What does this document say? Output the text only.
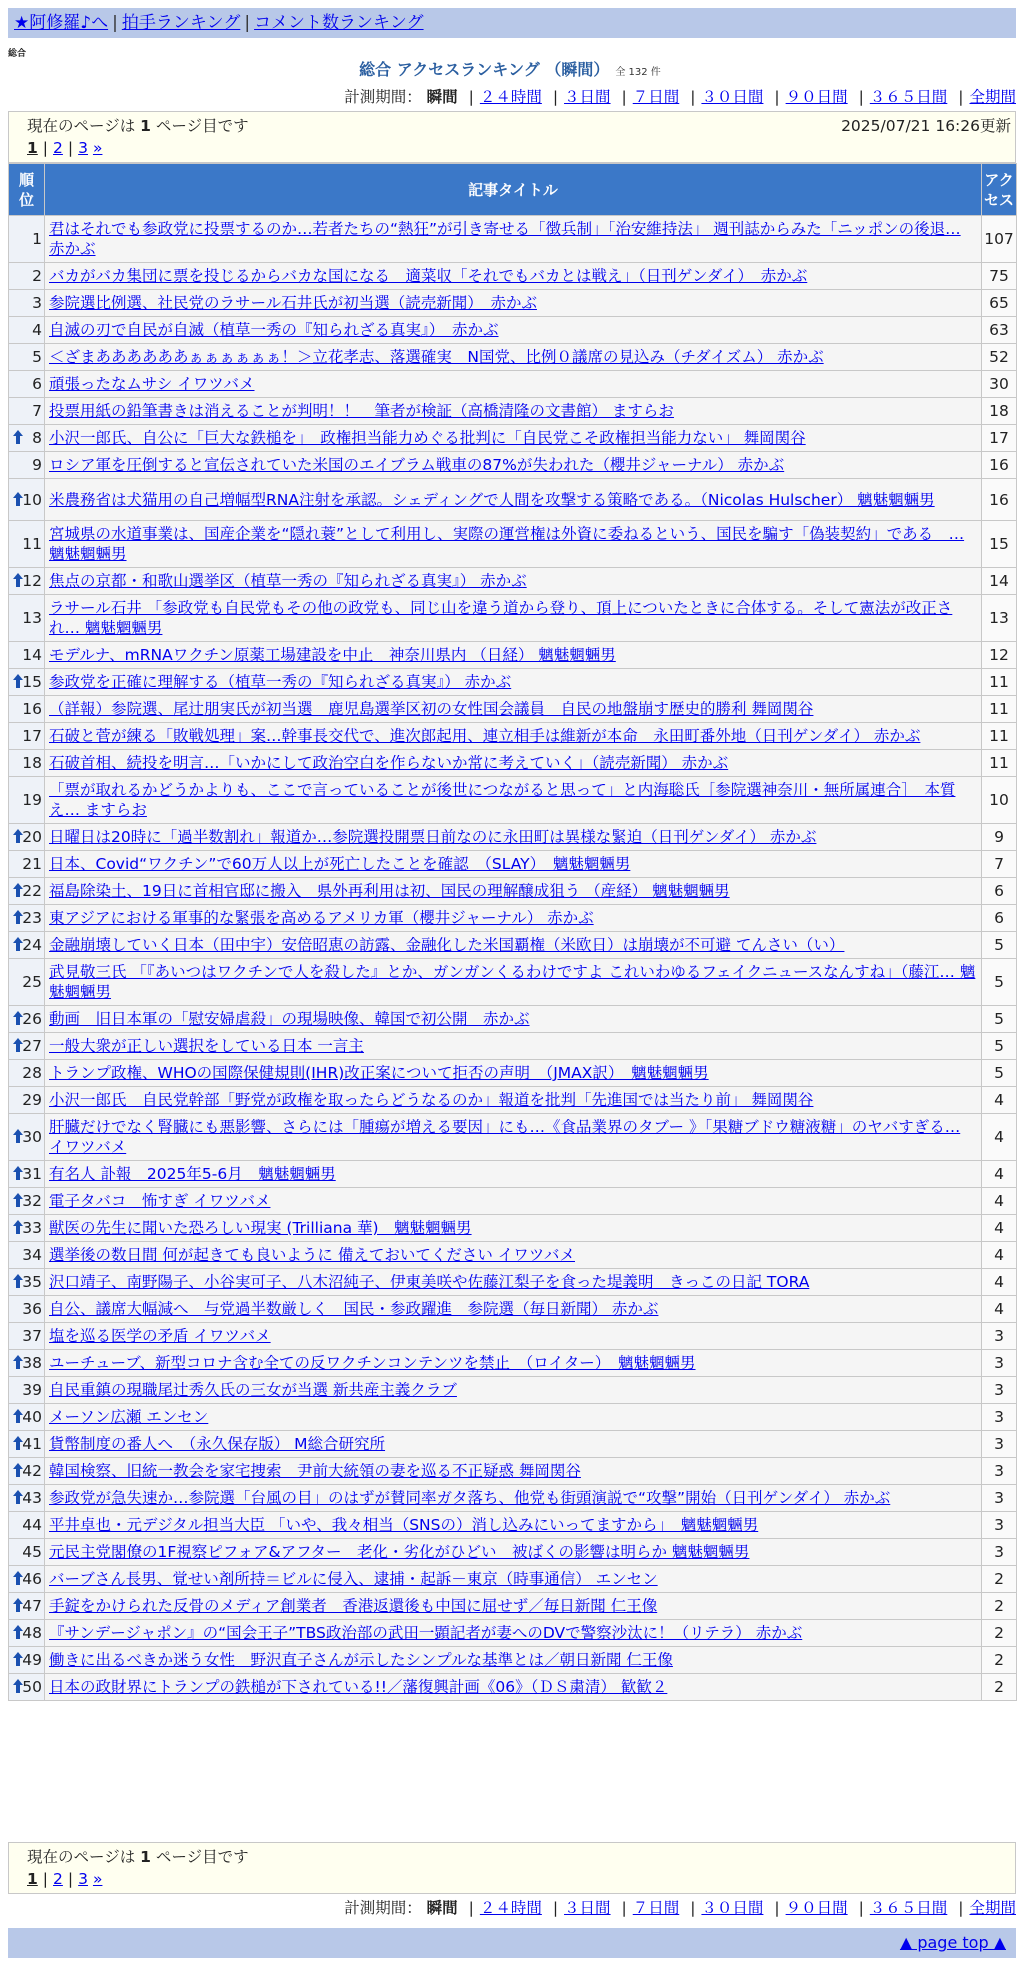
★阿修羅♪へ | 拍手ランキング | コメント数ランキング
総合
総合 アクセスランキング （瞬間） 全 132 件
計測期間： 瞬間 | ２４時間 | ３日間 | ７日間 | ３０日間 | ９０日間 | ３６５日間 | 全期間
現在のページは 1 ページ目です	2025/07/21 16:26更新
1 | 2 | 3 »
順位	記事タイトル	アクセス
1	君はそれでも参政党に投票するのか…若者たちの“熱狂”が引き寄せる「徴兵制」「治安維持法」 週刊誌からみた「ニッポンの後退… 赤かぶ	107
2	バカがバカ集団に票を投じるからバカな国になる　適菜収「それでもバカとは戦え」（日刊ゲンダイ）　赤かぶ	75
3	参院選比例選、社民党のラサール石井氏が初当選（読売新聞）　赤かぶ	65
4	自滅の刃で自民が自滅（植草一秀の『知られざる真実』）　赤かぶ	63
5	＜ざまああああああぁぁぁぁぁぁ！＞立花孝志、落選確実　N国党、比例０議席の見込み（チダイズム） 赤かぶ	52
6	頑張ったなムサシ イワツバメ	30
7	投票用紙の鉛筆書きは消えることが判明！！　筆者が検証（高橋清隆の文書館） ますらお	18

8	小沢一郎氏、自公に「巨大な鉄槌を」　政権担当能力めぐる批判に「自民党こそ政権担当能力ない」 舞岡関谷	17
9	ロシア軍を圧倒すると宣伝されていた米国のエイブラム戦車の87%が失われた（櫻井ジャーナル） 赤かぶ	16

10	米農務省は犬猫用の自己増幅型RNA注射を承認。シェディングで人間を攻撃する策略である。（Nicolas Hulscher） 魑魅魍魎男	16
11	宮城県の水道事業は、国産企業を“隠れ蓑”として利用し、実際の運営権は外資に委ねるという、国民を騙す「偽装契約」である　… 魑魅魍魎男	15

12	焦点の京都・和歌山選挙区（植草一秀の『知られざる真実』） 赤かぶ	14
13	ラサール石井 「参政党も自民党もその他の政党も、同じ山を違う道から登り、頂上についたときに合体する。そして憲法が改正され… 魑魅魍魎男	13
14	モデルナ、mRNAワクチン原薬工場建設を中止　神奈川県内 （日経） 魑魅魍魎男	12

15	参政党を正確に理解する（植草一秀の『知られざる真実』） 赤かぶ	11
16	（詳報）参院選、尾辻朋実氏が初当選　鹿児島選挙区初の女性国会議員　自民の地盤崩す歴史的勝利 舞岡関谷	11
17	石破と菅が練る「敗戦処理」案…幹事長交代で、進次郎起用、連立相手は維新が本命　永田町番外地（日刊ゲンダイ） 赤かぶ	11
18	石破首相、続投を明言…「いかにして政治空白を作らないか常に考えていく」（読売新聞） 赤かぶ	11
19	「票が取れるかどうかよりも、ここで言っていることが後世につながると思って」と内海聡氏［参院選神奈川・無所属連合］　本質え… ますらお	10

20	日曜日は20時に「過半数割れ」報道か…参院選投開票日前なのに永田町は異様な緊迫（日刊ゲンダイ） 赤かぶ	9
21	日本、Covid“ワクチン”で60万人以上が死亡したことを確認　（SLAY）　魑魅魍魎男	7

22	福島除染土、19日に首相官邸に搬入　県外再利用は初、国民の理解醸成狙う （産経） 魑魅魍魎男	6

23	東アジアにおける軍事的な緊張を高めるアメリカ軍（櫻井ジャーナル） 赤かぶ	6

24	金融崩壊していく日本（田中宇）安倍昭恵の訪露、金融化した米国覇権（米欧日）は崩壊が不可避 てんさい（い）	5
25	武見敬三氏 「『あいつはワクチンで人を殺した』とか、ガンガンくるわけですよ これいわゆるフェイクニュースなんすね」（藤江… 魑魅魍魎男	5

26	動画　旧日本軍の「慰安婦虐殺」の現場映像、韓国で初公開　赤かぶ	5

27	一般大衆が正しい選択をしている日本 一言主	5
28	トランプ政権、WHOの国際保健規則(IHR)改正案について拒否の声明　（JMAX訳）　魑魅魍魎男	5
29	小沢一郎氏　自民党幹部「野党が政権を取ったらどうなるのか」報道を批判「先進国では当たり前」 舞岡関谷	4

30	肝臓だけでなく腎臓にも悪影響、さらには「腫瘍が増える要因」にも…《食品業界のタブー 》「果糖ブドウ糖液糖」のヤバすぎる… イワツバメ	4

31	有名人 訃報　2025年5-6月　魑魅魍魎男	4

32	電子タバコ　怖すぎ イワツバメ	4

33	獣医の先生に聞いた恐ろしい現実 (Trilliana 華)　魑魅魍魎男	4
34	選挙後の数日間 何が起きても良いように 備えておいてください イワツバメ	4

35	沢口靖子、南野陽子、小谷実可子、八木沼純子、伊東美咲や佐藤江梨子を食った堤義明　きっこの日記 TORA	4
36	自公、議席大幅減へ　与党過半数厳しく　国民・参政躍進　参院選（毎日新聞） 赤かぶ	4
37	塩を巡る医学の矛盾 イワツバメ	3

38	ユーチューブ、新型コロナ含む全ての反ワクチンコンテンツを禁止　（ロイター）　魑魅魍魎男	3
39	自民重鎮の現職尾辻秀久氏の三女が当選 新共産主義クラブ	3

40	メーソン広瀬 エンセン	3

41	貨幣制度の番人へ　（永久保存版） M総合研究所	3

42	韓国検察、旧統一教会を家宅捜索　尹前大統領の妻を巡る不正疑惑 舞岡関谷	3

43	参政党が急失速か…参院選「台風の目」のはずが賛同率ガタ落ち、他党も街頭演説で“攻撃”開始（日刊ゲンダイ） 赤かぶ	3
44	平井卓也・元デジタル担当大臣 「いや、我々相当（SNSの）消し込みにいってますから」　魑魅魍魎男	3
45	元民主党閣僚の1F視察ピフォア&アフター　老化・劣化がひどい　被ばくの影響は明らか 魑魅魍魎男	3

46	バーブさん長男、覚せい剤所持＝ビルに侵入、逮捕・起訴－東京（時事通信） エンセン	2

47	手錠をかけられた反骨のメディア創業者　香港返還後も中国に屈せず／毎日新聞 仁王像	2

48	『サンデージャポン』の“国会王子”TBS政治部の武田一顕記者が妻へのDVで警察沙汰に！（リテラ） 赤かぶ	2

49	働きに出るべきか迷う女性　野沢直子さんが示したシンプルな基準とは／朝日新聞 仁王像	2

50	日本の政財界にトランプの鉄槌が下されている!!／藩復興計画《06》（ＤＳ粛清） 歓歓２	2
計測期間： 瞬間 | ２４時間 | ３日間 | ７日間 | ３０日間 | ９０日間 | ３６５日間 | 全期間
現在のページは 1 ページ目です
1 | 2 | 3 »
▲ page top ▲
